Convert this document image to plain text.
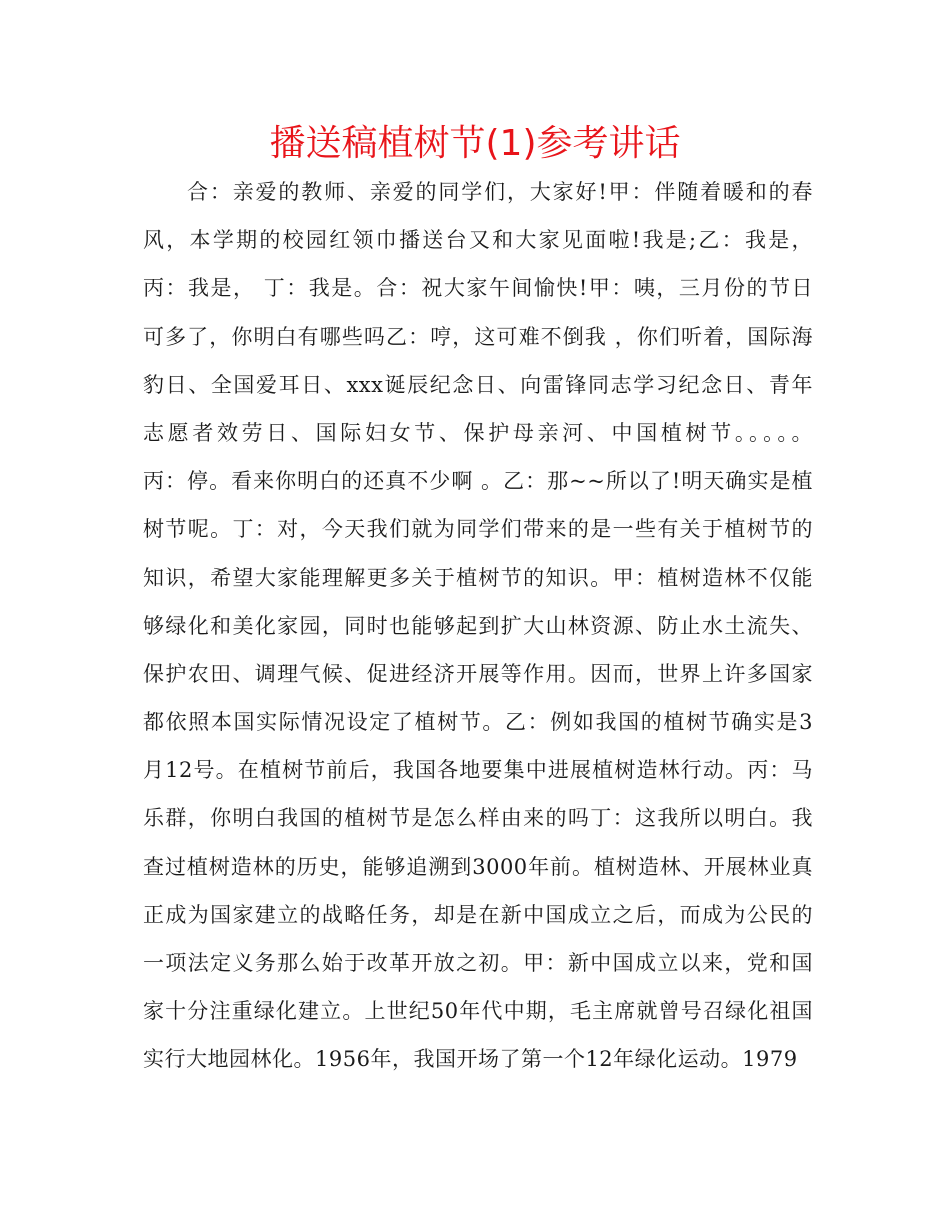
播送稿植树节(1)参考讲话
合：亲爱的教师、亲爱的同学们，大家好!甲：伴随着暖和的春
风，本学期的校园红领巾播送台又和大家见面啦!我是;乙：我是，
丙：我是， 丁：我是。合：祝大家午间愉快!甲：咦，三月份的节日
可多了，你明白有哪些吗乙：哼，这可难不倒我 ，你们听着，国际海
豹日、全国爱耳日、xxx诞辰纪念日、向雷锋同志学习纪念日、青年
志愿者效劳日、国际妇女节、保护母亲河、中国植树节。。。。。
丙：停。看来你明白的还真不少啊 。乙：那~~所以了!明天确实是植
树节呢。丁：对，今天我们就为同学们带来的是一些有关于植树节的
知识，希望大家能理解更多关于植树节的知识。甲：植树造林不仅能
够绿化和美化家园，同时也能够起到扩大山林资源、防止水土流失、
保护农田、调理气候、促进经济开展等作用。因而，世界上许多国家
都依照本国实际情况设定了植树节。乙：例如我国的植树节确实是3
月12号。在植树节前后，我国各地要集中进展植树造林行动。丙：马
乐群，你明白我国的植树节是怎么样由来的吗丁：这我所以明白。我
查过植树造林的历史，能够追溯到3000年前。植树造林、开展林业真
正成为国家建立的战略任务，却是在新中国成立之后，而成为公民的
一项法定义务那么始于改革开放之初。甲：新中国成立以来，党和国
家十分注重绿化建立。上世纪50年代中期，毛主席就曾号召绿化祖国
实行大地园林化。1956年，我国开场了第一个12年绿化运动。1979
